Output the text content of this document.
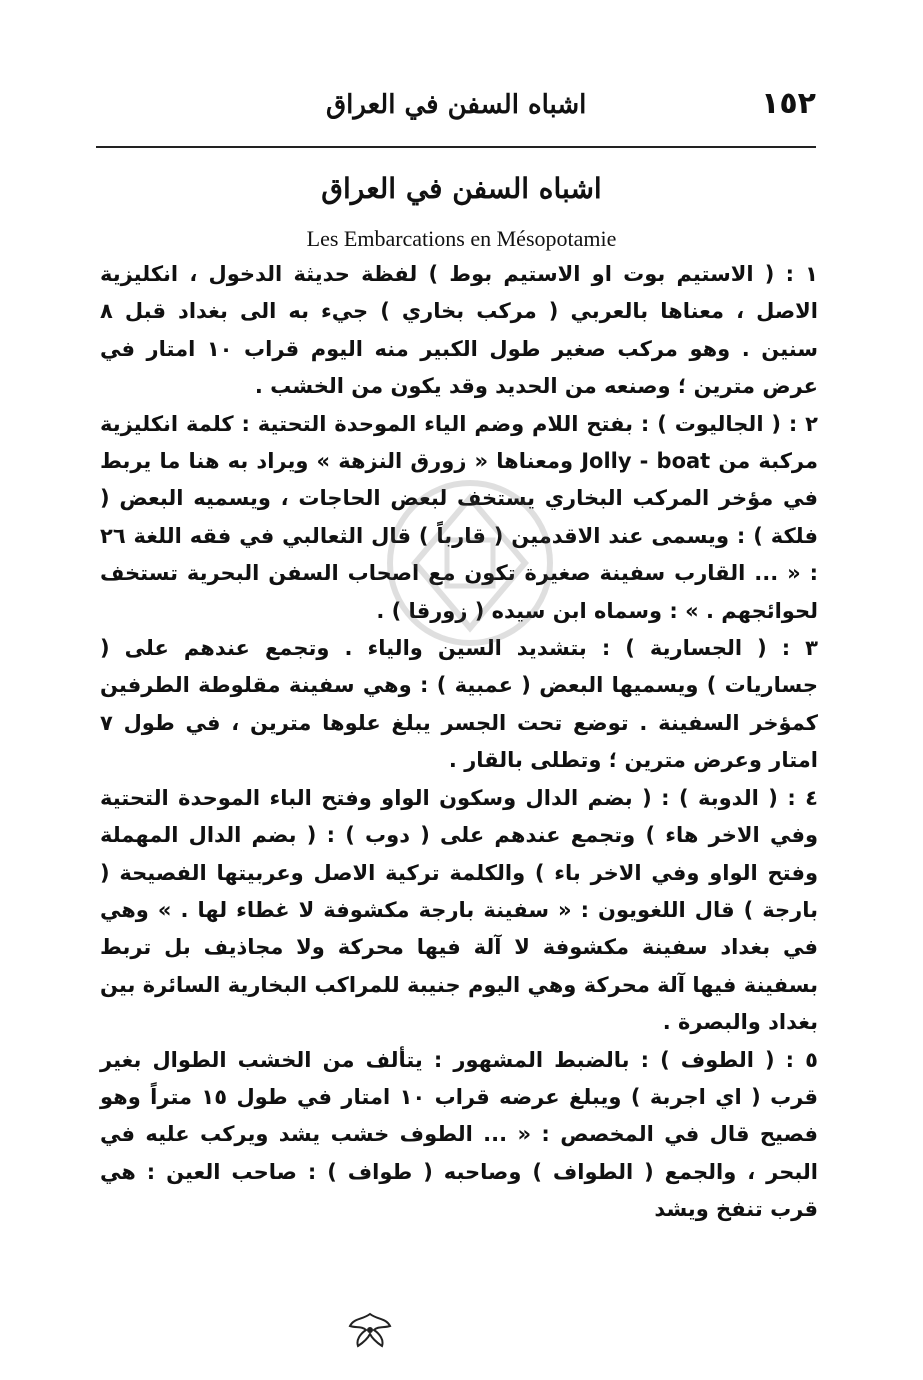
١٥٢
اشباه السفن في العراق
اشباه السفن في العراق
Les Embarcations en Mésopotamie

١ : ( الاستيم بوت او الاستيم بوط ) لفظة حديثة الدخول ، انكليزية الاصل ، معناها بالعربي ( مركب بخاري ) جيء به الى بغداد قبل ٨ سنين . وهو مركب صغير طول الكبير منه اليوم قراب ١٠ امتار في عرض مترين ؛ وصنعه من الحديد وقد يكون من الخشب .

٢ : ( الجاليوت ) : بفتح اللام وضم الياء الموحدة التحتية : كلمة انكليزية مركبة من Jolly - boat ومعناها « زورق النزهة » ويراد به هنا ما يربط في مؤخر المركب البخاري يستخف لبعض الحاجات ، ويسميه البعض ( فلكة ) : ويسمى عند الاقدمين ( قارباً ) قال الثعالبي في فقه اللغة ٢٦ : « ... القارب سفينة صغيرة تكون مع اصحاب السفن البحرية تستخف لحوائجهم . » : وسماه ابن سيده ( زورقا ) .

٣ : ( الجسارية ) : بتشديد السين والياء . وتجمع عندهم على ( جساريات ) ويسميها البعض ( عمبية ) : وهي سفينة مقلوطة الطرفين كمؤخر السفينة . توضع تحت الجسر يبلغ علوها مترين ، في طول ٧ امتار وعرض مترين ؛ وتطلى بالقار .

٤ : ( الدوبة ) : ( بضم الدال وسكون الواو وفتح الباء الموحدة التحتية وفي الاخر هاء ) وتجمع عندهم على ( دوب ) : ( بضم الدال المهملة وفتح الواو وفي الاخر باء ) والكلمة تركية الاصل وعربيتها الفصيحة ( بارجة ) قال اللغويون : « سفينة بارجة مكشوفة لا غطاء لها . » وهي في بغداد سفينة مكشوفة لا آلة فيها محركة ولا مجاذيف بل تربط بسفينة فيها آلة محركة وهي اليوم جنيبة للمراكب البخارية السائرة بين بغداد والبصرة .

٥ : ( الطوف ) : بالضبط المشهور : يتألف من الخشب الطوال بغير قرب ( اي اجربة ) ويبلغ عرضه قراب ١٠ امتار في طول ١٥ متراً وهو فصيح قال في المخصص : « ... الطوف خشب يشد ويركب عليه في البحر ، والجمع ( الطواف ) وصاحبه ( طواف ) : صاحب العين : هي قرب تنفخ ويشد
